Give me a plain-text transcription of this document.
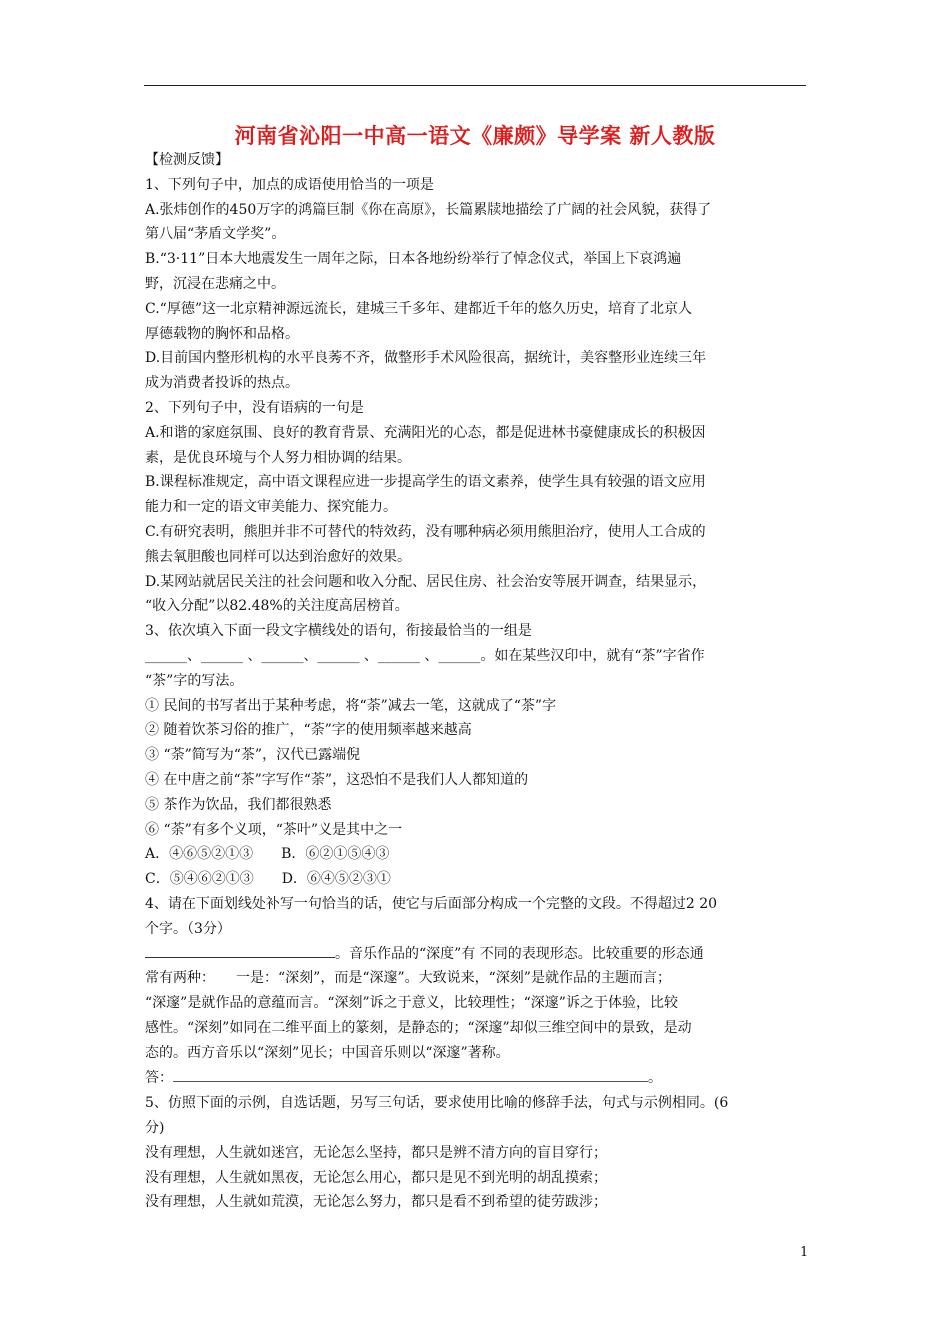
河南省沁阳一中高一语文《廉颇》导学案 新人教版

【检测反馈】

1、下列句子中，加点的成语使用恰当的一项是

A.张炜创作的450万字的鸿篇巨制《你在高原》，长篇累牍地描绘了广阔的社会风貌，获得了

第八届“茅盾文学奖”。

B.“3·11”日本大地震发生一周年之际，日本各地纷纷举行了悼念仪式，举国上下哀鸿遍

野，沉浸在悲痛之中。

C.“厚德”这一北京精神源远流长，建城三千多年、建都近千年的悠久历史，培育了北京人

厚德载物的胸怀和品格。

D.目前国内整形机构的水平良莠不齐，做整形手术风险很高，据统计，美容整形业连续三年

成为消费者投诉的热点。

2、下列句子中，没有语病的一句是

A.和谐的家庭氛围、良好的教育背景、充满阳光的心态，都是促进林书豪健康成长的积极因

素，是优良环境与个人努力相协调的结果。

B.课程标准规定，高中语文课程应进一步提高学生的语文素养，使学生具有较强的语文应用

能力和一定的语文审美能力、探究能力。

C.有研究表明，熊胆并非不可替代的特效药，没有哪种病必须用熊胆治疗，使用人工合成的

熊去氧胆酸也同样可以达到治愈好的效果。

D.某网站就居民关注的社会问题和收入分配、居民住房、社会治安等展开调查，结果显示，

“收入分配”以82.48%的关注度高居榜首。

3、依次填入下面一段文字横线处的语句，衔接最恰当的一组是

______、______ 、______、______ 、______ 、______。如在某些汉印中，就有“茶”字省作

“茶”字的写法。

① 民间的书写者出于某种考虑，将“荼”减去一笔，这就成了“茶”字

② 随着饮茶习俗的推广，“荼”字的使用频率越来越高

③ “荼”简写为“茶”，汉代已露端倪

④ 在中唐之前“茶”字写作“荼”，这恐怕不是我们人人都知道的

⑤ 茶作为饮品，我们都很熟悉

⑥ “荼”有多个义项，“茶叶”义是其中之一

A．④⑥⑤②①③　　B．⑥②①⑤④③

C．⑤④⑥②①③　　D．⑥④⑤②③①

4、请在下面划线处补写一句恰当的话，使它与后面部分构成一个完整的文段。不得超过2 20

个字。（3分）

。音乐作品的“深度”有 不同的表现形态。比较重要的形态通

常有两种：　　一是：“深刻”，而是“深邃”。大致说来，“深刻”是就作品的主题而言；

“深邃”是就作品的意蕴而言。“深刻”诉之于意义，比较理性；“深邃”诉之于体验，比较

感性。“深刻”如同在二维平面上的篆刻，是静态的；“深邃”却似三维空间中的景致，是动

态的。西方音乐以“深刻”见长；中国音乐则以“深邃”著称。

答：	。

5、仿照下面的示例，自选话题，另写三句话，要求使用比喻的修辞手法，句式与示例相同。(6

分)

没有理想，人生就如迷宫，无论怎么坚持，都只是辨不清方向的盲目穿行；

没有理想，人生就如黑夜，无论怎么用心，都只是见不到光明的胡乱摸索；

没有理想，人生就如荒漠，无论怎么努力，都只是看不到希望的徒劳跋涉；

1
